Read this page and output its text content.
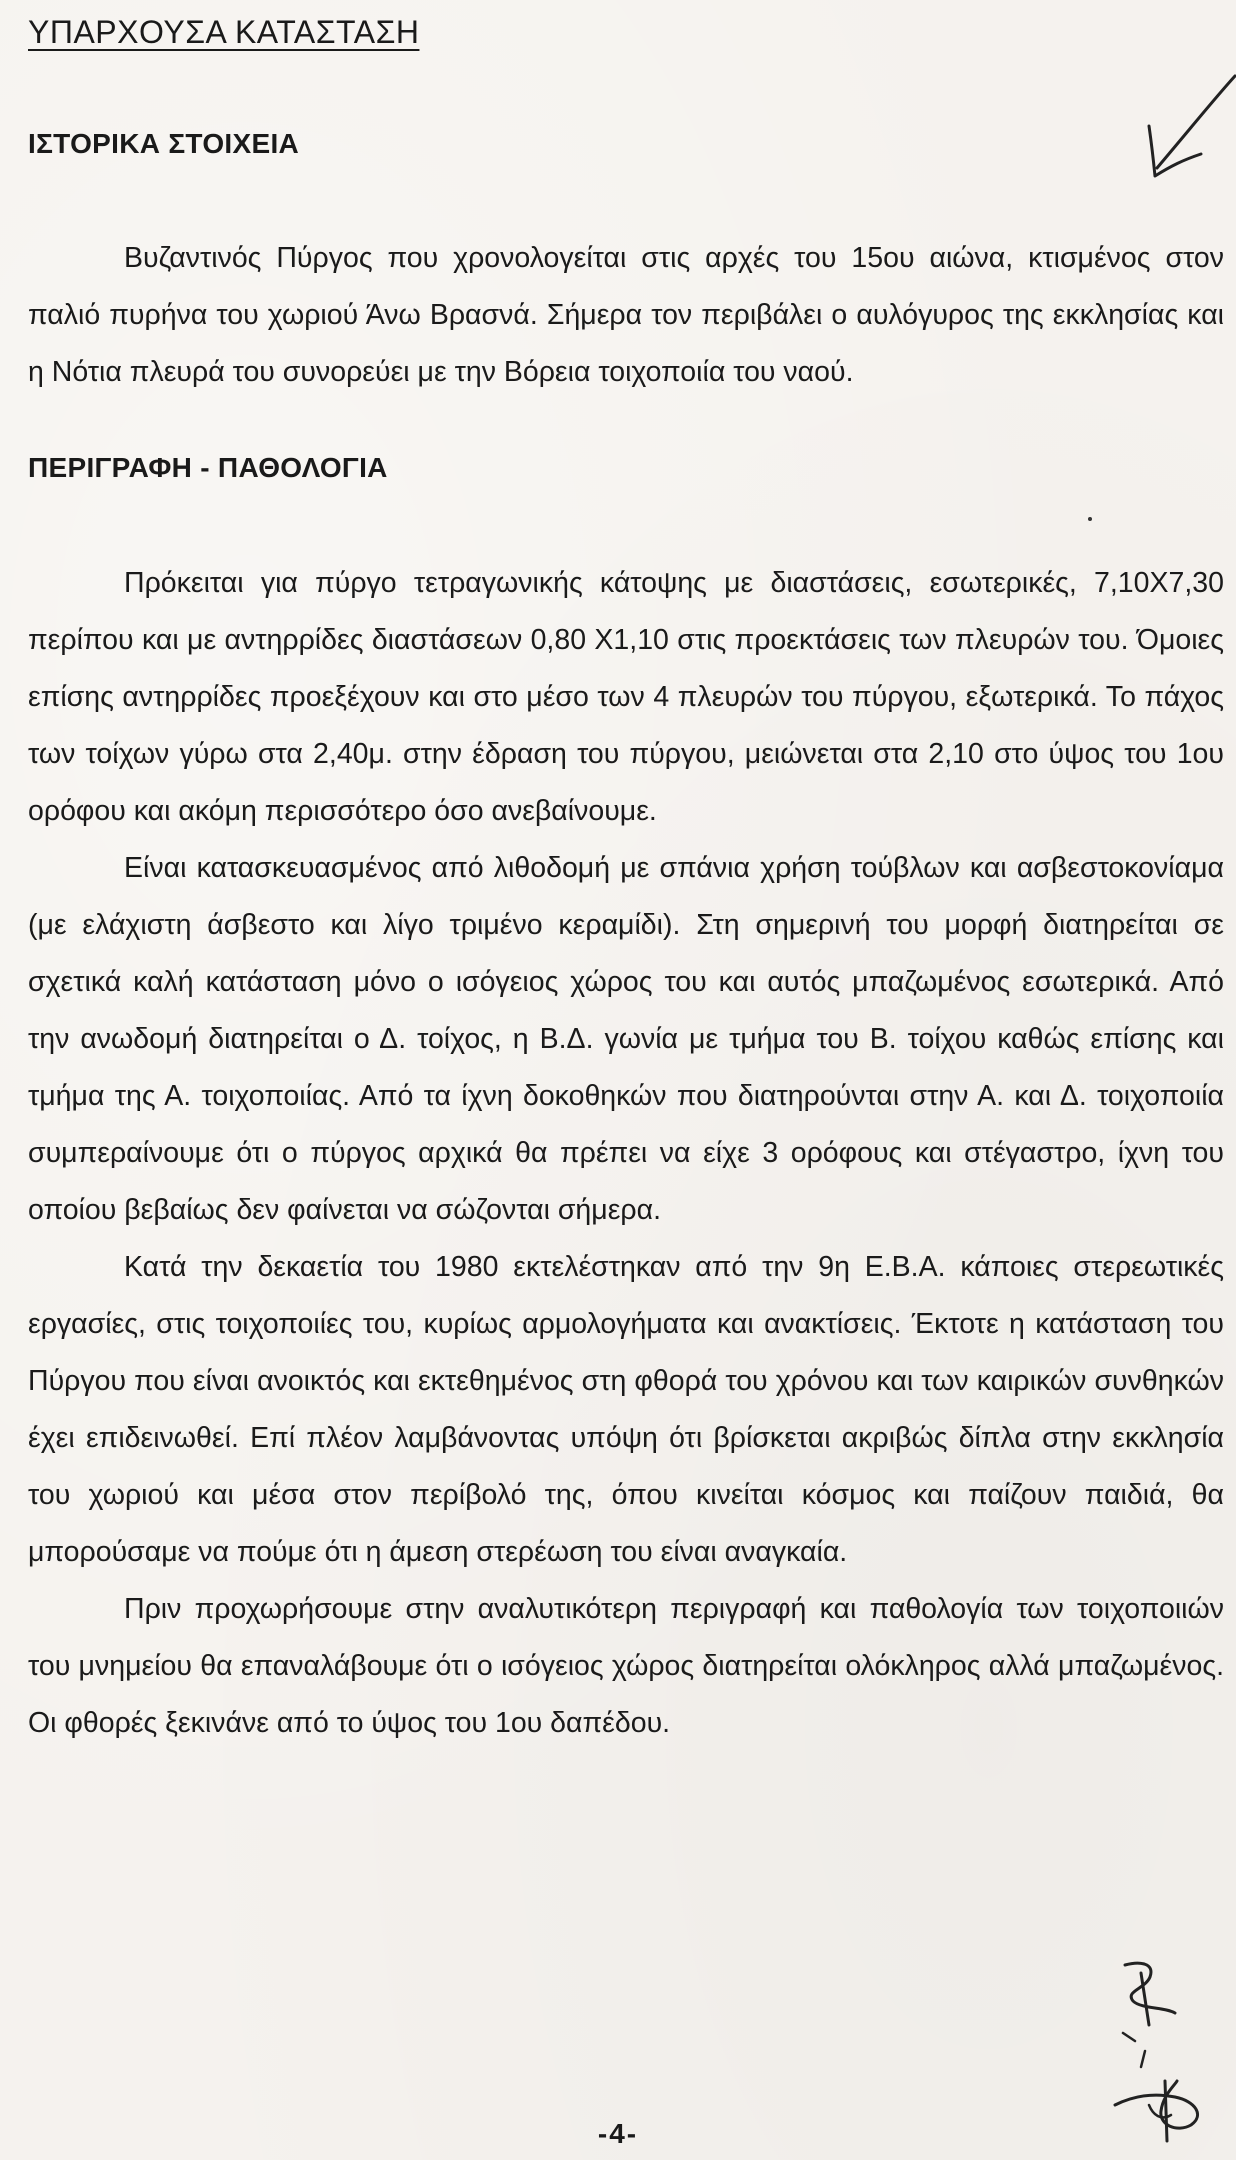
ΥΠΑΡΧΟΥΣΑ ΚΑΤΑΣΤΑΣΗ
ΙΣΤΟΡΙΚΑ ΣΤΟΙΧΕΙΑ

Βυζαντινός Πύργος που χρονολογείται στις αρχές του 15ου αιώνα, κτισμένος στον παλιό πυρήνα του χωριού Άνω Βρασνά. Σήμερα τον περιβάλει ο αυλόγυρος της εκκλησίας και η Νότια πλευρά του συνορεύει με την Βόρεια τοιχοποιία του ναού.

ΠΕΡΙΓΡΑΦΗ - ΠΑΘΟΛΟΓΙΑ

Πρόκειται για πύργο τετραγωνικής κάτοψης με διαστάσεις, εσωτερικές, 7,10Χ7,30 περίπου και με αντηρρίδες διαστάσεων 0,80 Χ1,10 στις προεκτάσεις των πλευρών του. Όμοιες επίσης αντηρρίδες προεξέχουν και στο μέσο των 4 πλευρών του πύργου, εξωτερικά. Το πάχος των τοίχων γύρω στα 2,40μ. στην έδραση του πύργου, μειώνεται στα 2,10 στο ύψος του 1ου ορόφου και ακόμη περισσότερο όσο ανεβαίνουμε.

Είναι κατασκευασμένος από λιθοδομή με σπάνια χρήση τούβλων και ασβεστοκονίαμα (με ελάχιστη άσβεστο και λίγο τριμένο κεραμίδι). Στη σημερινή του μορφή διατηρείται σε σχετικά καλή κατάσταση μόνο ο ισόγειος χώρος του και αυτός μπαζωμένος εσωτερικά. Από την ανωδομή διατηρείται ο Δ. τοίχος, η Β.Δ. γωνία με τμήμα του Β. τοίχου καθώς επίσης και τμήμα της Α. τοιχοποιίας. Από τα ίχνη δοκοθηκών που διατηρούνται στην Α. και Δ. τοιχοποιία συμπεραίνουμε ότι ο πύργος αρχικά θα πρέπει να είχε 3 ορόφους και στέγαστρο, ίχνη του οποίου βεβαίως δεν φαίνεται να σώζονται σήμερα.

Κατά την δεκαετία του 1980 εκτελέστηκαν από την 9η Ε.Β.Α. κάποιες στερεωτικές εργασίες, στις τοιχοποιίες του, κυρίως αρμολογήματα και ανακτίσεις. Έκτοτε η κατάσταση του Πύργου που είναι ανοικτός και εκτεθημένος στη φθορά του χρόνου και των καιρικών συνθηκών έχει επιδεινωθεί. Επί πλέον λαμβάνοντας υπόψη ότι βρίσκεται ακριβώς δίπλα στην εκκλησία του χωριού και μέσα στον περίβολό της, όπου κινείται κόσμος και παίζουν παιδιά, θα μπορούσαμε να πούμε ότι η άμεση στερέωση του είναι αναγκαία.

Πριν προχωρήσουμε στην αναλυτικότερη περιγραφή και παθολογία των τοιχοποιιών του μνημείου θα επαναλάβουμε ότι ο ισόγειος χώρος διατηρείται ολόκληρος αλλά μπαζωμένος. Οι φθορές ξεκινάνε από το ύψος του 1ου δαπέδου.

-4-
